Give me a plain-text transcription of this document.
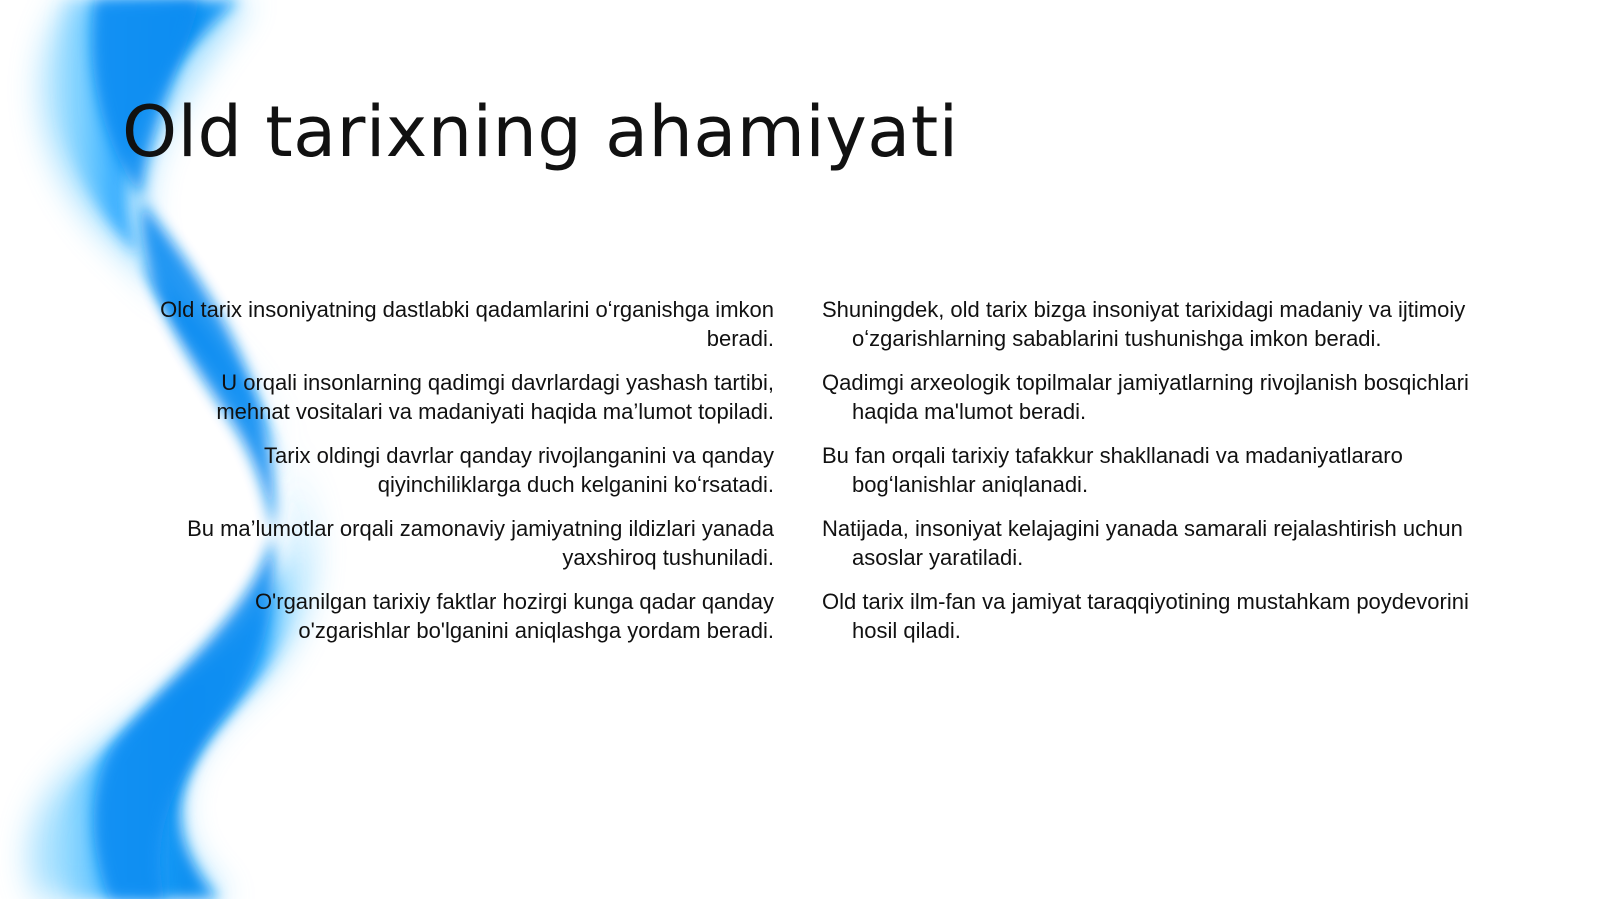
Old tarixning ahamiyati
Old tarix insoniyatning dastlabki qadamlarini oʻrganishga imkon beradi.
U orqali insonlarning qadimgi davrlardagi yashash tartibi, mehnat vositalari va madaniyati haqida ma’lumot topiladi.
Tarix oldingi davrlar qanday rivojlanganini va qanday qiyinchiliklarga duch kelganini koʻrsatadi.
Bu ma’lumotlar orqali zamonaviy jamiyatning ildizlari yanada yaxshiroq tushuniladi.
O'rganilgan tarixiy faktlar hozirgi kunga qadar qanday o'zgarishlar bo'lganini aniqlashga yordam beradi.
Shuningdek, old tarix bizga insoniyat tarixidagi madaniy va ijtimoiy oʻzgarishlarning sabablarini tushunishga imkon beradi.
Qadimgi arxeologik topilmalar jamiyatlarning rivojlanish bosqichlari haqida ma'lumot beradi.
Bu fan orqali tarixiy tafakkur shakllanadi va madaniyatlararo bogʻlanishlar aniqlanadi.
Natijada, insoniyat kelajagini yanada samarali rejalashtirish uchun asoslar yaratiladi.
Old tarix ilm-fan va jamiyat taraqqiyotining mustahkam poydevorini hosil qiladi.
